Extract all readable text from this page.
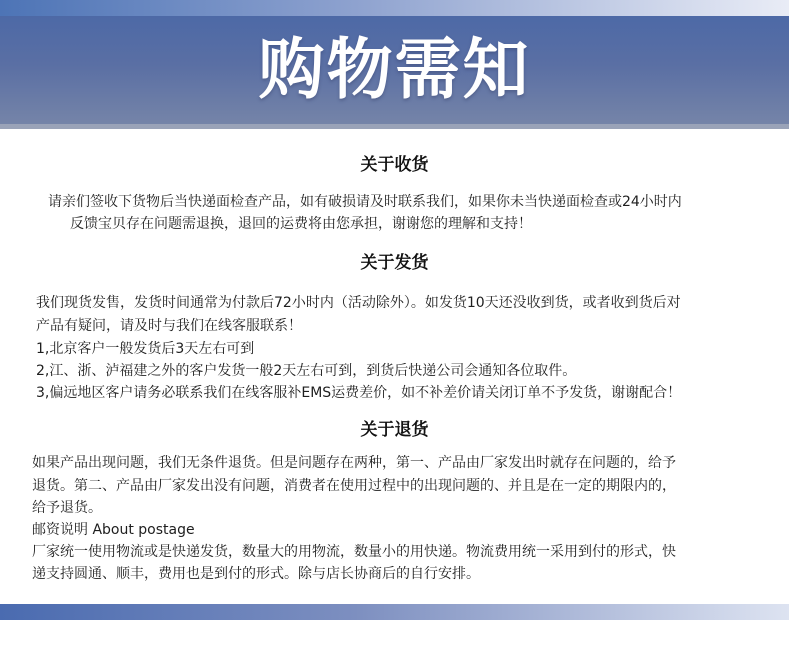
购物需知
关于收货
请亲们签收下货物后当快递面检查产品，如有破损请及时联系我们，如果你未当快递面检查或24小时内
反馈宝贝存在问题需退换，退回的运费将由您承担，谢谢您的理解和支持！
关于发货
我们现货发售，发货时间通常为付款后72小时内（活动除外）。如发货10天还没收到货，或者收到货后对
产品有疑问，请及时与我们在线客服联系！
1,北京客户一般发货后3天左右可到
2,江、浙、泸福建之外的客户发货一般2天左右可到，到货后快递公司会通知各位取件。
3,偏远地区客户请务必联系我们在线客服补EMS运费差价，如不补差价请关闭订单不予发货，谢谢配合！
关于退货
如果产品出现问题，我们无条件退货。但是问题存在两种，第一、产品由厂家发出时就存在问题的，给予
退货。第二、产品由厂家发出没有问题，消费者在使用过程中的出现问题的、并且是在一定的期限内的，
给予退货。
邮资说明 About postage
厂家统一使用物流或是快递发货，数量大的用物流，数量小的用快递。物流费用统一采用到付的形式，快
递支持圆通、顺丰，费用也是到付的形式。除与店长协商后的自行安排。
